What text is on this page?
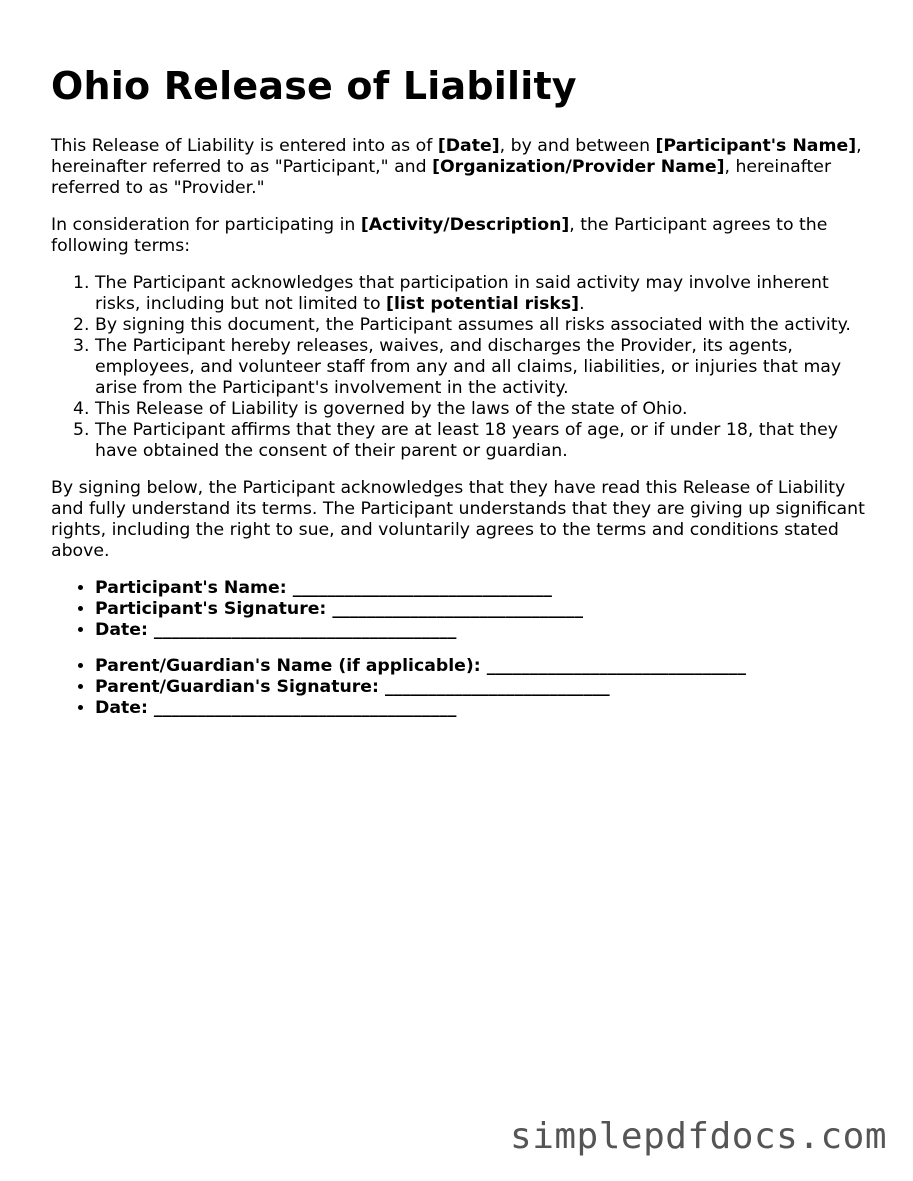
Ohio Release of Liability

This Release of Liability is entered into as of [Date], by and between [Participant's Name], hereinafter referred to as "Participant," and [Organization/Provider Name], hereinafter referred to as "Provider."

In consideration for participating in [Activity/Description], the Participant agrees to the following terms:

1. The Participant acknowledges that participation in said activity may involve inherent risks, including but not limited to [list potential risks].
2. By signing this document, the Participant assumes all risks associated with the activity.
3. The Participant hereby releases, waives, and discharges the Provider, its agents, employees, and volunteer staff from any and all claims, liabilities, or injuries that may arise from the Participant's involvement in the activity.
4. This Release of Liability is governed by the laws of the state of Ohio.
5. The Participant affirms that they are at least 18 years of age, or if under 18, that they have obtained the consent of their parent or guardian.

By signing below, the Participant acknowledges that they have read this Release of Liability and fully understand its terms. The Participant understands that they are giving up significant rights, including the right to sue, and voluntarily agrees to the terms and conditions stated above.

• Participant's Name: ______________________________
• Participant's Signature: _____________________________
• Date: ___________________________________
• Parent/Guardian's Name (if applicable): ______________________________
• Parent/Guardian's Signature: __________________________
• Date: ___________________________________
simplepdfdocs.com
